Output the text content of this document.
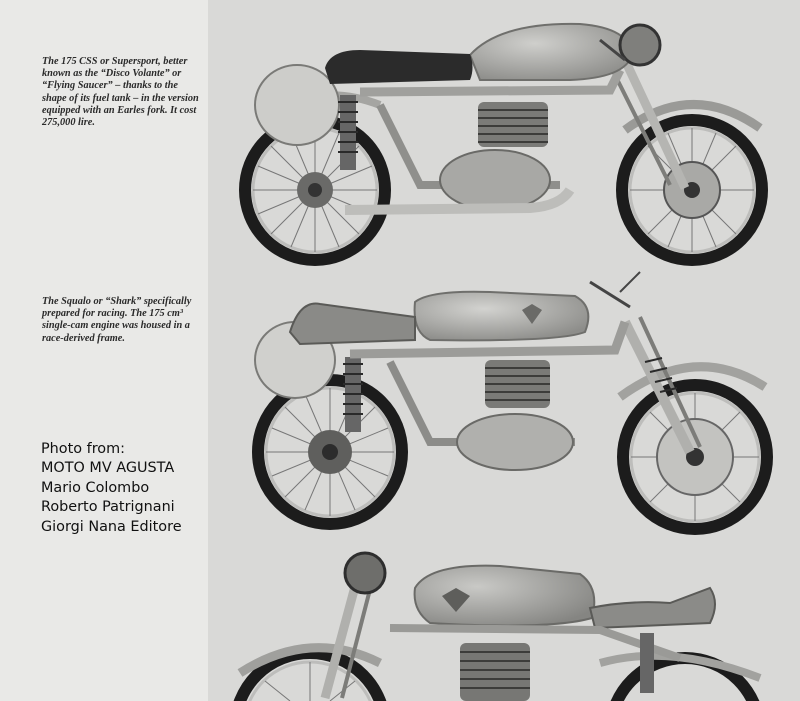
The 175 CSS or Supersport, better known as the “Disco Volante” or “Flying Saucer” – thanks to the shape of its fuel tank – in the version equipped with an Earles fork. It cost 275,000 lire.

The Squalo or “Shark” specifically prepared for racing. The 175 cm³ single-cam engine was housed in a race-derived frame.

Photo from:
MOTO MV AGUSTA
Mario Colombo
Roberto Patrignani
Giorgi Nana Editore
